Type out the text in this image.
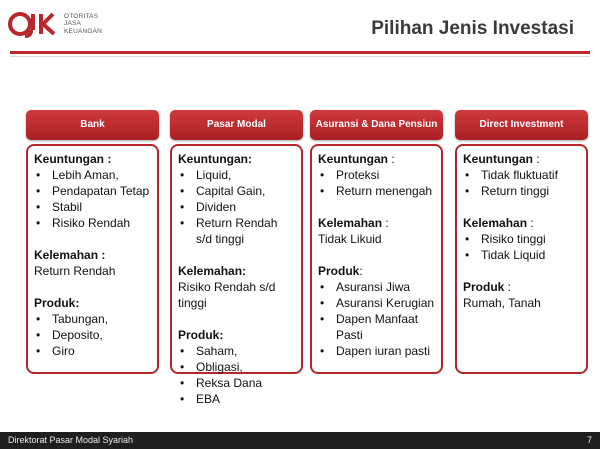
OTORITAS
JASA
KEUANGAN	Pilihan Jenis Investasi
Bank

Keuntungan :

• Lebih Aman,
• Pendapatan Tetap
• Stabil
• Risiko Rendah

Kelemahan :

Return Rendah

Produk:

• Tabungan,
• Deposito,
• Giro
Pasar Modal

Keuntungan:

• Liquid,
• Capital Gain,
• Dividen
• Return Rendah s/d tinggi

Kelemahan:

Risiko Rendah s/d tinggi

Produk:

• Saham,
• Obligasi,
• Reksa Dana
• EBA
Asuransi & Dana Pensiun

Keuntungan :

• Proteksi
• Return menengah

Kelemahan :

Tidak Likuid

Produk:

• Asuransi Jiwa
• Asuransi Kerugian
• Dapen Manfaat Pasti
• Dapen iuran pasti
Direct Investment

Keuntungan :

• Tidak fluktuatif
• Return tinggi

Kelemahan :

• Risiko tinggi
• Tidak Liquid

Produk :

Rumah, Tanah

Direktorat Pasar Modal Syariah	7
